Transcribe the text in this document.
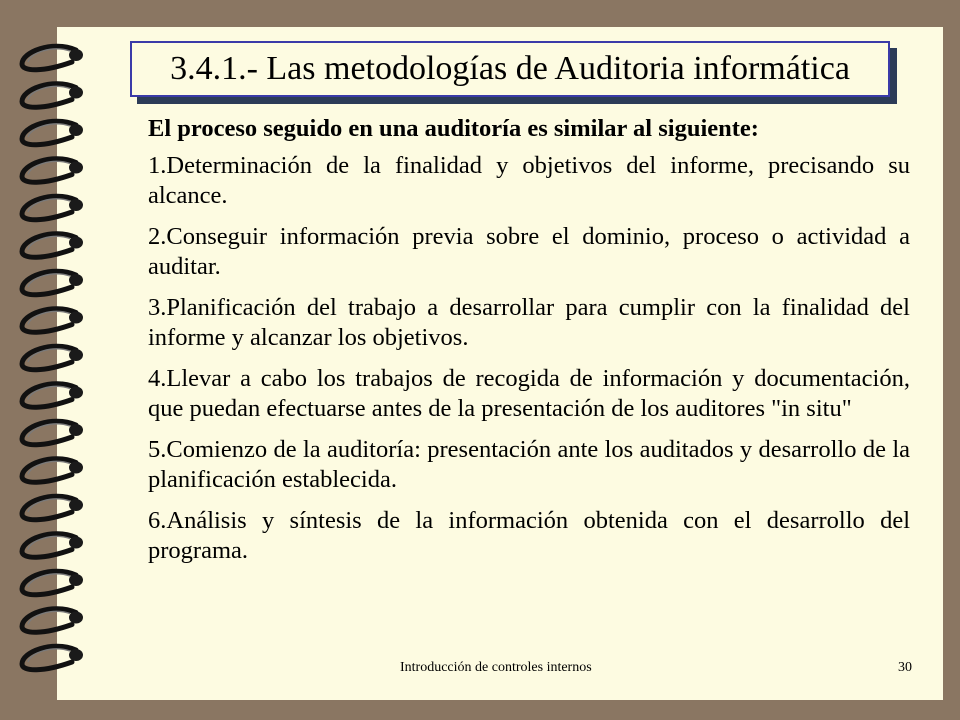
3.4.1.- Las metodologías de Auditoria informática

El proceso seguido en una auditoría es similar al siguiente:

1.Determinación de la finalidad y objetivos del informe, precisando su alcance.

2.Conseguir información previa sobre el dominio, proceso o actividad a auditar.

3.Planificación del trabajo a desarrollar para cumplir con la finalidad del informe y alcanzar los objetivos.

4.Llevar a cabo los trabajos de recogida de información y documentación, que puedan efectuarse antes de la presentación de los auditores "in situ"

5.Comienzo de la auditoría: presentación ante los auditados y desarrollo de la planificación establecida.

6.Análisis y síntesis de la información obtenida con el desarrollo del programa.

Introducción de controles internos	30
